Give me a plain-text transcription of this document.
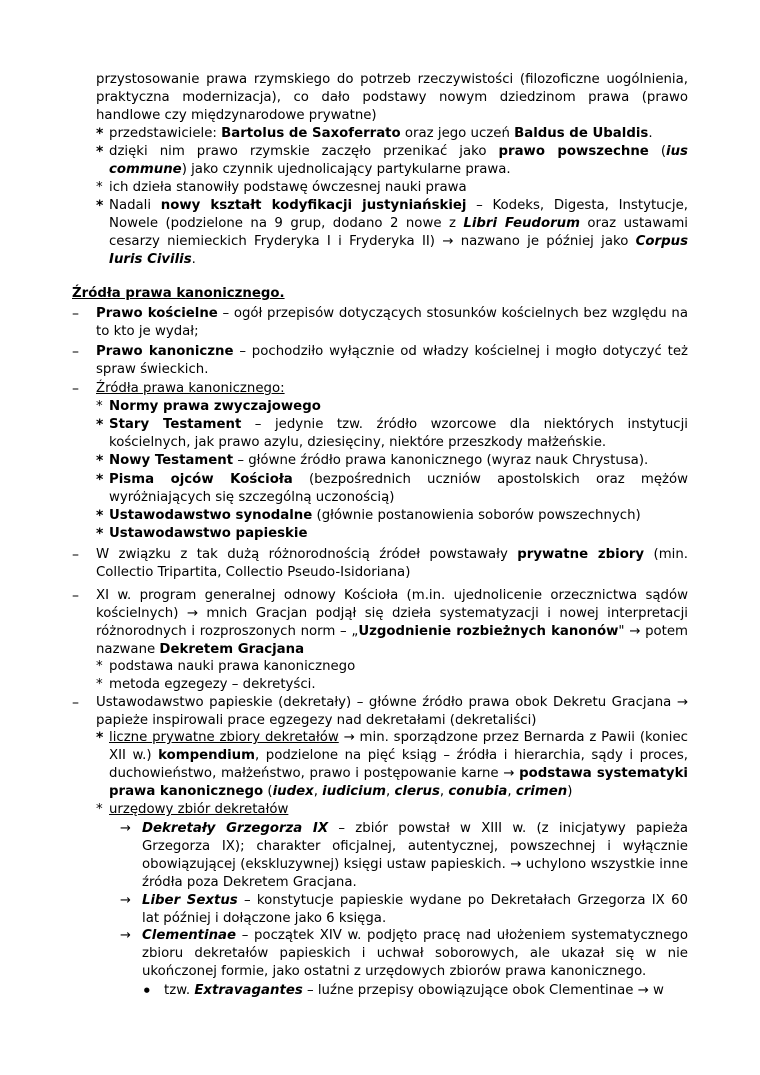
przystosowanie prawa rzymskiego do potrzeb rzeczywistości (filozoficzne uogólnienia, praktyczna modernizacja), co dało podstawy nowym dziedzinom prawa (prawo handlowe czy międzynarodowe prywatne)

* przedstawiciele: Bartolus de Saxoferrato oraz jego uczeń Baldus de Ubaldis.
* dzięki nim prawo rzymskie zaczęło przenikać jako prawo powszechne (ius commune) jako czynnik ujednolicający partykularne prawa.
* ich dzieła stanowiły podstawę ówczesnej nauki prawa
* Nadali nowy kształt kodyfikacji justyniańskiej – Kodeks, Digesta, Instytucje, Nowele (podzielone na 9 grup, dodano 2 nowe z Libri Feudorum oraz ustawami cesarzy niemieckich Fryderyka I i Fryderyka II) → nazwano je później jako Corpus Iuris Civilis.
Źródła prawa kanonicznego.
– Prawo kościelne – ogół przepisów dotyczących stosunków kościelnych bez względu na to kto je wydał;
– Prawo kanoniczne – pochodziło wyłącznie od władzy kościelnej i mogło dotyczyć też spraw świeckich.
– Źródła prawa kanonicznego:
* Normy prawa zwyczajowego
* Stary Testament – jedynie tzw. źródło wzorcowe dla niektórych instytucji kościelnych, jak prawo azylu, dziesięciny, niektóre przeszkody małżeńskie.
* Nowy Testament – główne źródło prawa kanonicznego (wyraz nauk Chrystusa).
* Pisma ojców Kościoła (bezpośrednich uczniów apostolskich oraz mężów wyróżniających się szczególną uczonością)
* Ustawodawstwo synodalne (głównie postanowienia soborów powszechnych)
* Ustawodawstwo papieskie
– W związku z tak dużą różnorodnością źródeł powstawały prywatne zbiory (min. Collectio Tripartita, Collectio Pseudo-Isidoriana)
– XI w. program generalnej odnowy Kościoła (m.in. ujednolicenie orzecznictwa sądów kościelnych) → mnich Gracjan podjął się dzieła systematyzacji i nowej interpretacji różnorodnych i rozproszonych norm – „Uzgodnienie rozbieżnych kanonów" → potem nazwane Dekretem Gracjana
* podstawa nauki prawa kanonicznego
* metoda egzegezy – dekretyści.
– Ustawodawstwo papieskie (dekretały) – główne źródło prawa obok Dekretu Gracjana → papieże inspirowali prace egzegezy nad dekretałami (dekretaliści)
* liczne prywatne zbiory dekretałów → min. sporządzone przez Bernarda z Pawii (koniec XII w.) kompendium, podzielone na pięć ksiąg – źródła i hierarchia, sądy i proces, duchowieństwo, małżeństwo, prawo i postępowanie karne → podstawa systematyki prawa kanonicznego (iudex, iudicium, clerus, conubia, crimen)
* urzędowy zbiór dekretałów
→ Dekretały Grzegorza IX – zbiór powstał w XIII w. (z inicjatywy papieża Grzegorza IX); charakter oficjalnej, autentycznej, powszechnej i wyłącznie obowiązującej (ekskluzywnej) księgi ustaw papieskich. → uchylono wszystkie inne źródła poza Dekretem Gracjana.
→ Liber Sextus – konstytucje papieskie wydane po Dekretałach Grzegorza IX 60 lat później i dołączone jako 6 księga.
→ Clementinae – początek XIV w. podjęto pracę nad ułożeniem systematycznego zbioru dekretałów papieskich i uchwał soborowych, ale ukazał się w nie ukończonej formie, jako ostatni z urzędowych zbiorów prawa kanonicznego.
• tzw. Extravagantes – luźne przepisy obowiązujące obok Clementinae → w
